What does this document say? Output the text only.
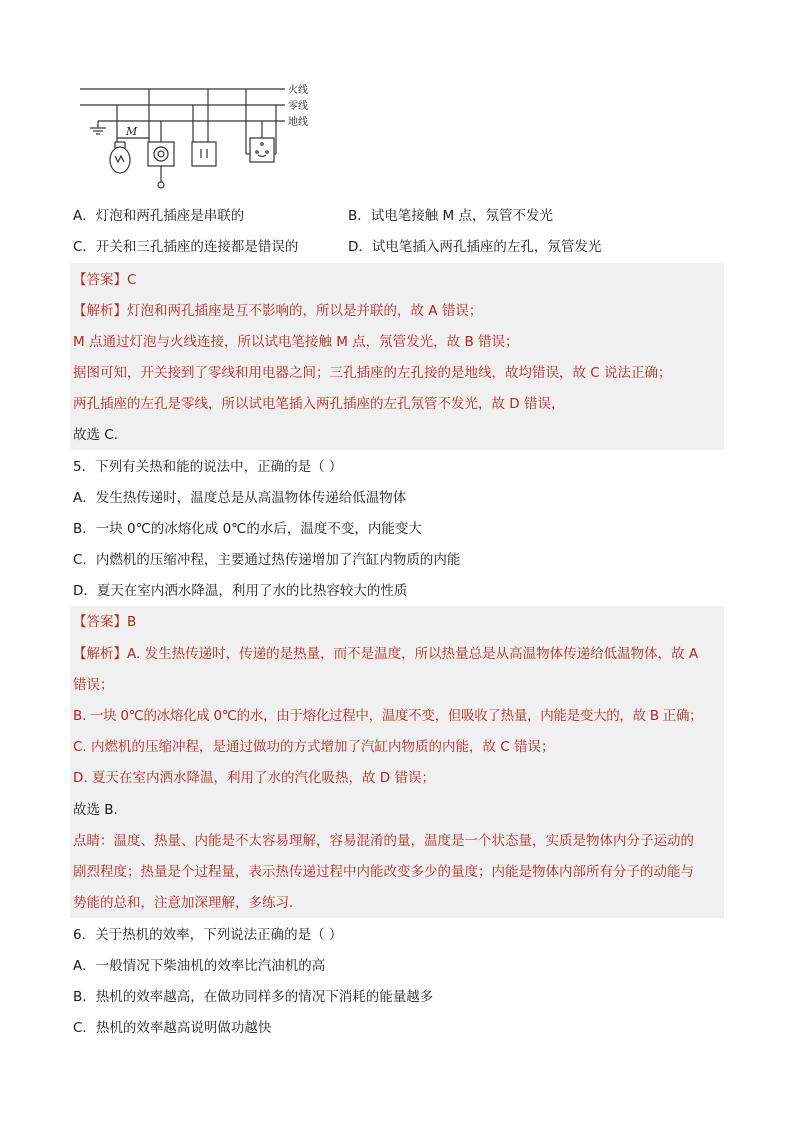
火线
零线
地线
M
A．灯泡和两孔插座是串联的	B．试电笔接触 M 点，氖管不发光
C．开关和三孔插座的连接都是错误的	D．试电笔插入两孔插座的左孔，氖管发光
【答案】C
【解析】灯泡和两孔插座是互不影响的，所以是并联的，故 A 错误；
M 点通过灯泡与火线连接，所以试电笔接触 M 点，氖管发光，故 B 错误；
据图可知，开关接到了零线和用电器之间；三孔插座的左孔接的是地线，故均错误，故 C 说法正确；
两孔插座的左孔是零线，所以试电笔插入两孔插座的左孔氖管不发光，故 D 错误，
故选 C．
5．下列有关热和能的说法中，正确的是（ ）
A．发生热传递时，温度总是从高温物体传递给低温物体
B．一块 0℃的冰熔化成 0℃的水后，温度不变，内能变大
C．内燃机的压缩冲程，主要通过热传递增加了汽缸内物质的内能
D．夏天在室内洒水降温，利用了水的比热容较大的性质
【答案】B
【解析】A. 发生热传递时，传递的是热量，而不是温度，所以热量总是从高温物体传递给低温物体，故 A
错误；
B. 一块 0℃的冰熔化成 0℃的水，由于熔化过程中，温度不变，但吸收了热量，内能是变大的，故 B 正确；
C. 内燃机的压缩冲程，是通过做功的方式增加了汽缸内物质的内能，故 C 错误；
D. 夏天在室内洒水降温，利用了水的汽化吸热，故 D 错误；
故选 B．
点睛：温度、热量、内能是不太容易理解，容易混淆的量，温度是一个状态量，实质是物体内分子运动的
剧烈程度；热量是个过程量，表示热传递过程中内能改变多少的量度；内能是物体内部所有分子的动能与
势能的总和，注意加深理解，多练习．
6．关于热机的效率，下列说法正确的是（ ）
A．一般情况下柴油机的效率比汽油机的高
B．热机的效率越高，在做功同样多的情况下消耗的能量越多
C．热机的效率越高说明做功越快
